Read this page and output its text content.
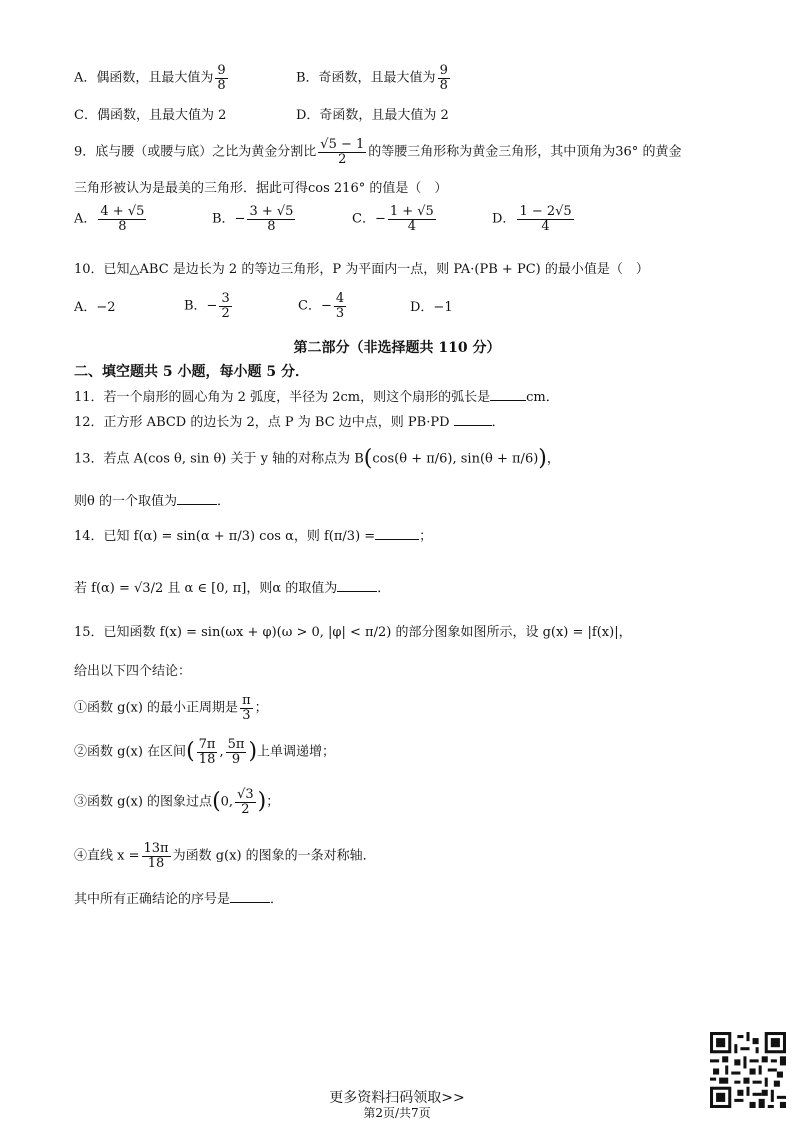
A．偶函数，且最大值为 $\frac{9}{8}$	B．奇函数，且最大值为 $\frac{9}{8}$
C．偶函数，且最大值为 2	D．奇函数，且最大值为 2
9．底与腰（或腰与底）之比为黄金分割比 $\frac{√5 - 1}{2}$ 的等腰三角形称为黄金三角形，其中顶角为36° 的黄金
三角形被认为是最美的三角形．据此可得cos 216° 的值是（　）
A． $\frac{4 + √5}{8}$	B．− $\frac{3 + √5}{8}$	C．− $\frac{1 + √5}{4}$	D． $\frac{1 - 2√5}{4}$
10．已知△ABC 是边长为 2 的等边三角形，P 为平面内一点，则 PA·(PB + PC) 的最小值是（　）
A．−2	B．− $\frac{3}{2}$	C．− $\frac{4}{3}$	D．−1
第二部分（非选择题共 110 分）
二、填空题共 5 小题，每小题 5 分．
11．若一个扇形的圆心角为 2 弧度，半径为 2cm，则这个扇形的弧长是	cm．
12．正方形 ABCD 的边长为 2，点 P 为 BC 边中点，则 PB·PD	．
13．若点 A(cos θ, sin θ) 关于 y 轴的对称点为 B(cos(θ + π/6), sin(θ + π/6))，
则θ 的一个取值为	．
14．已知 f(α) = sin(α + π/3) cos α，则 f(π/3) =	；
若 f(α) = √3/2 且 α ∈ [0, π]，则α 的取值为	．
15．已知函数 f(x) = sin(ωx + φ)(ω > 0, |φ| < π/2) 的部分图象如图所示，设 g(x) = |f(x)|，
给出以下四个结论：
①函数 g(x) 的最小正周期是 $\frac{\pi}{3}$ ；
②函数 g(x) 在区间( $\frac{7\pi}{18}$ , $\frac{5\pi}{9}$ )上单调递增；
③函数 g(x) 的图象过点(0, $\frac{√3}{2}$ )；
④直线 $x = \frac{13\pi}{18}$ 为函数 g(x) 的图象的一条对称轴．
其中所有正确结论的序号是	．
更多资料扫码领取>>
第2页/共7页
